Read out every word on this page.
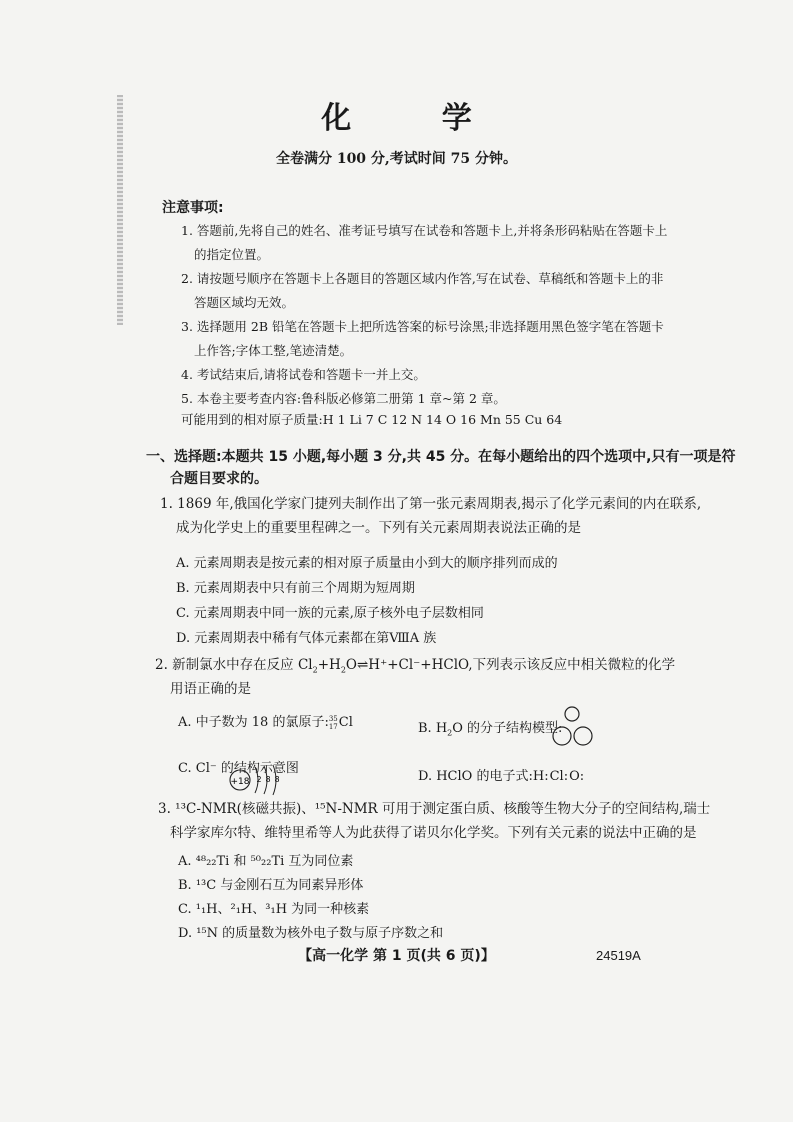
化 学
全卷满分 100 分,考试时间 75 分钟。
注意事项:
1. 答题前,先将自己的姓名、准考证号填写在试卷和答题卡上,并将条形码粘贴在答题卡上
的指定位置。
2. 请按题号顺序在答题卡上各题目的答题区域内作答,写在试卷、草稿纸和答题卡上的非
答题区域均无效。
3. 选择题用 2B 铅笔在答题卡上把所选答案的标号涂黑;非选择题用黑色签字笔在答题卡
上作答;字体工整,笔迹清楚。
4. 考试结束后,请将试卷和答题卡一并上交。
5. 本卷主要考查内容:鲁科版必修第二册第 1 章~第 2 章。
可能用到的相对原子质量:H 1 Li 7 C 12 N 14 O 16 Mn 55 Cu 64
一、选择题:本题共 15 小题,每小题 3 分,共 45 分。在每小题给出的四个选项中,只有一项是符
合题目要求的。
1. 1869 年,俄国化学家门捷列夫制作出了第一张元素周期表,揭示了化学元素间的内在联系,
成为化学史上的重要里程碑之一。下列有关元素周期表说法正确的是
A. 元素周期表是按元素的相对原子质量由小到大的顺序排列而成的
B. 元素周期表中只有前三个周期为短周期
C. 元素周期表中同一族的元素,原子核外电子层数相同
D. 元素周期表中稀有气体元素都在第ⅧA 族
2. 新制氯水中存在反应 $Cl_2+H_2O\rightleftharpoons H^++Cl^-+HClO$,下列表示该反应中相关微粒的化学
用语正确的是
A. 中子数为 18 的氯原子:35
17Cl	B. $H_2O$ 的分子结构模型:
C. Cl⁻ 的结构示意图
+18 2 8 8	D. HClO 的电子式:H:Cl:O:
3. ¹³C-NMR(核磁共振)、¹⁵N-NMR 可用于测定蛋白质、核酸等生物大分子的空间结构,瑞士
科学家库尔特、维特里希等人为此获得了诺贝尔化学奖。下列有关元素的说法中正确的是
A. ⁴⁸₂₂Ti 和 ⁵⁰₂₂Ti 互为同位素
B. ¹³C 与金刚石互为同素异形体
C. ¹₁H、²₁H、³₁H 为同一种核素
D. ¹⁵N 的质量数为核外电子数与原子序数之和
【高一化学 第 1 页(共 6 页)】	24519A
